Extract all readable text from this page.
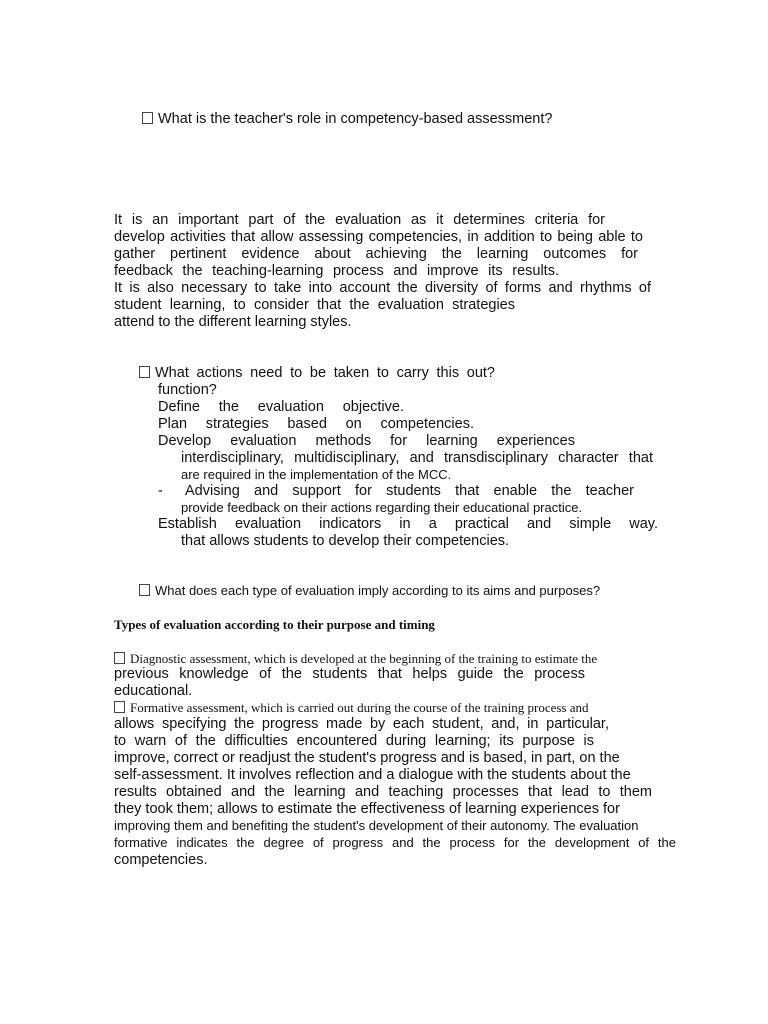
What is the teacher's role in competency-based assessment?
It is an important part of the evaluation as it determines criteria for
develop activities that allow assessing competencies, in addition to being able to
gather pertinent evidence about achieving the learning outcomes for
feedback the teaching-learning process and improve its results.
It is also necessary to take into account the diversity of forms and rhythms of
student learning, to consider that the evaluation strategies
attend to the different learning styles.
What actions need to be taken to carry this out?
function?
Define the evaluation objective.
Plan strategies based on competencies.
Develop evaluation methods for learning experiences
interdisciplinary, multidisciplinary, and transdisciplinary character that
are required in the implementation of the MCC.
- Advising and support for students that enable the teacher
provide feedback on their actions regarding their educational practice.
Establish evaluation indicators in a practical and simple way.
that allows students to develop their competencies.
What does each type of evaluation imply according to its aims and purposes?
Types of evaluation according to their purpose and timing
Diagnostic assessment, which is developed at the beginning of the training to estimate the
previous knowledge of the students that helps guide the process
educational.
Formative assessment, which is carried out during the course of the training process and
allows specifying the progress made by each student, and, in particular,
to warn of the difficulties encountered during learning; its purpose is
improve, correct or readjust the student's progress and is based, in part, on the
self-assessment. It involves reflection and a dialogue with the students about the
results obtained and the learning and teaching processes that lead to them
they took them; allows to estimate the effectiveness of learning experiences for
improving them and benefiting the student's development of their autonomy. The evaluation
formative indicates the degree of progress and the process for the development of the
competencies.
